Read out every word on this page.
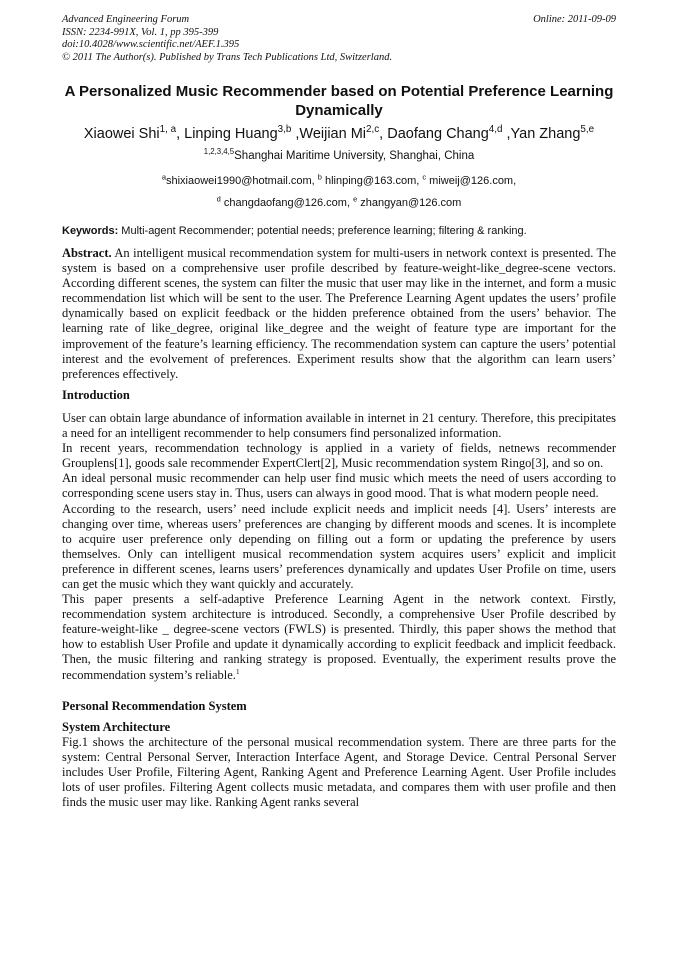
Advanced Engineering Forum
ISSN: 2234-991X, Vol. 1, pp 395-399
doi:10.4028/www.scientific.net/AEF.1.395
© 2011 The Author(s). Published by Trans Tech Publications Ltd, Switzerland.
Online: 2011-09-09
A Personalized Music Recommender based on Potential Preference Learning Dynamically
Xiaowei Shi$^{1, a}$, Linping Huang$^{3,b}$ ,Weijian Mi$^{2,c}$, Daofang Chang$^{4,d}$ ,Yan Zhang$^{5,e}$
$^{1,2,3,4,5}$Shanghai Maritime University, Shanghai, China
$^a$shixiaowei1990@hotmail.com, $^b$ hlinping@163.com, $^c$ miweij@126.com,
$^d$ changdaofang@126.com, $^e$ zhangyan@126.com
Keywords: Multi-agent Recommender; potential needs; preference learning; filtering & ranking.

Abstract. An intelligent musical recommendation system for multi-users in network context is presented. The system is based on a comprehensive user profile described by feature-weight-like_degree-scene vectors. According different scenes, the system can filter the music that user may like in the internet, and form a music recommendation list which will be sent to the user. The Preference Learning Agent updates the users’ profile dynamically based on explicit feedback or the hidden preference obtained from the users’ behavior. The learning rate of like_degree, original like_degree and the weight of feature type are important for the improvement of the feature’s learning efficiency. The recommendation system can capture the users’ potential interest and the evolvement of preferences. Experiment results show that the algorithm can learn users’ preferences effectively.

Introduction

User can obtain large abundance of information available in internet in 21 century. Therefore, this precipitates a need for an intelligent recommender to help consumers find personalized information.

In recent years, recommendation technology is applied in a variety of fields, netnews recommender Grouplens[1], goods sale recommender ExpertClert[2], Music recommendation system Ringo[3], and so on.

An ideal personal music recommender can help user find music which meets the need of users according to corresponding scene users stay in. Thus, users can always in good mood. That is what modern people need.

According to the research, users’ need include explicit needs and implicit needs [4]. Users’ interests are changing over time, whereas users’ preferences are changing by different moods and scenes. It is incomplete to acquire user preference only depending on filling out a form or updating the preference by users themselves. Only can intelligent musical recommendation system acquires users’ explicit and implicit preference in different scenes, learns users’ preferences dynamically and updates User Profile on time, users can get the music which they want quickly and accurately.

This paper presents a self-adaptive Preference Learning Agent in the network context. Firstly, recommendation system architecture is introduced. Secondly, a comprehensive User Profile described by feature-weight-like _ degree-scene vectors (FWLS) is presented. Thirdly, this paper shows the method that how to establish User Profile and update it dynamically according to explicit feedback and implicit feedback. Then, the music filtering and ranking strategy is proposed. Eventually, the experiment results prove the recommendation system’s reliable.$^1$

Personal Recommendation System
System Architecture

Fig.1 shows the architecture of the personal musical recommendation system. There are three parts for the system: Central Personal Server, Interaction Interface Agent, and Storage Device. Central Personal Server includes User Profile, Filtering Agent, Ranking Agent and Preference Learning Agent. User Profile includes lots of user profiles. Filtering Agent collects music metadata, and compares them with user profile and then finds the music user may like. Ranking Agent ranks several
